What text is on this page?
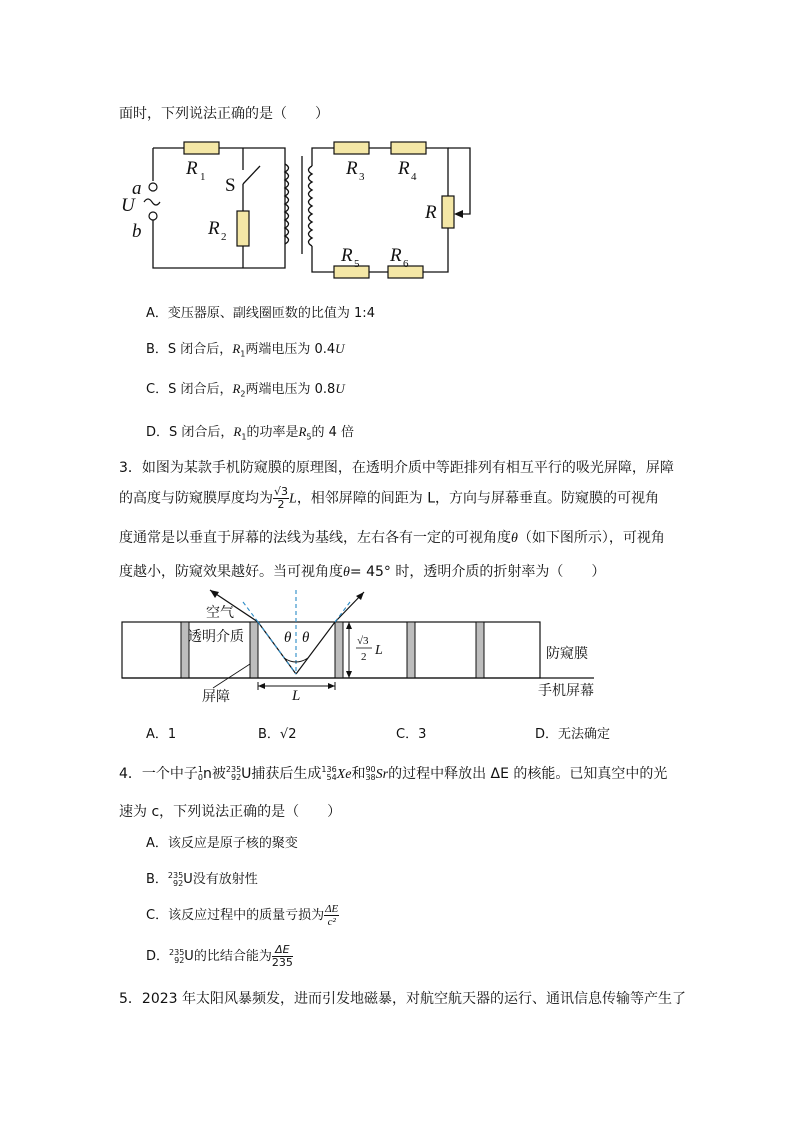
面时，下列说法正确的是（　　）
R 1
R 2
R 3 R 4
R
R 5 R 6
S
a
U
b
A．变压器原、副线圈匝数的比值为 1:4
B．S 闭合后，$R_1$两端电压为 0.4U
C．S 闭合后，$R_2$两端电压为 0.8U
D．S 闭合后，$R_1$的功率是$R_5$的 4 倍
3．如图为某款手机防窥膜的原理图，在透明介质中等距排列有相互平行的吸光屏障，屏障
的高度与防窥膜厚度均为 $\frac{√3}{2}$ L，相邻屏障的间距为 L，方向与屏幕垂直。防窥膜的可视角
度通常是以垂直于屏幕的法线为基线，左右各有一定的可视角度θ（如下图所示），可视角
度越小，防窥效果越好。当可视角度θ= 45° 时，透明介质的折射率为（　　）
空气
透明介质
防窥膜
屏障	手机屏幕
L
θ θ	√3
2 L
A．1	B．√2	C．3	D．无法确定
4．一个中子 1
0 n被 235
92 U捕获后生成 136
54 Xe和 90
38 Sr的过程中释放出 ΔE 的核能。已知真空中的光
速为 c，下列说法正确的是（　　）
A．该反应是原子核的聚变
B． 235
92 U没有放射性
C．该反应过程中的质量亏损为 $\frac{\Delta E}{\text{c²}}$
D． 235
92 U的比结合能为 $\frac{\Delta E}{235}$
5．2023 年太阳风暴频发，进而引发地磁暴，对航空航天器的运行、通讯信息传输等产生了
